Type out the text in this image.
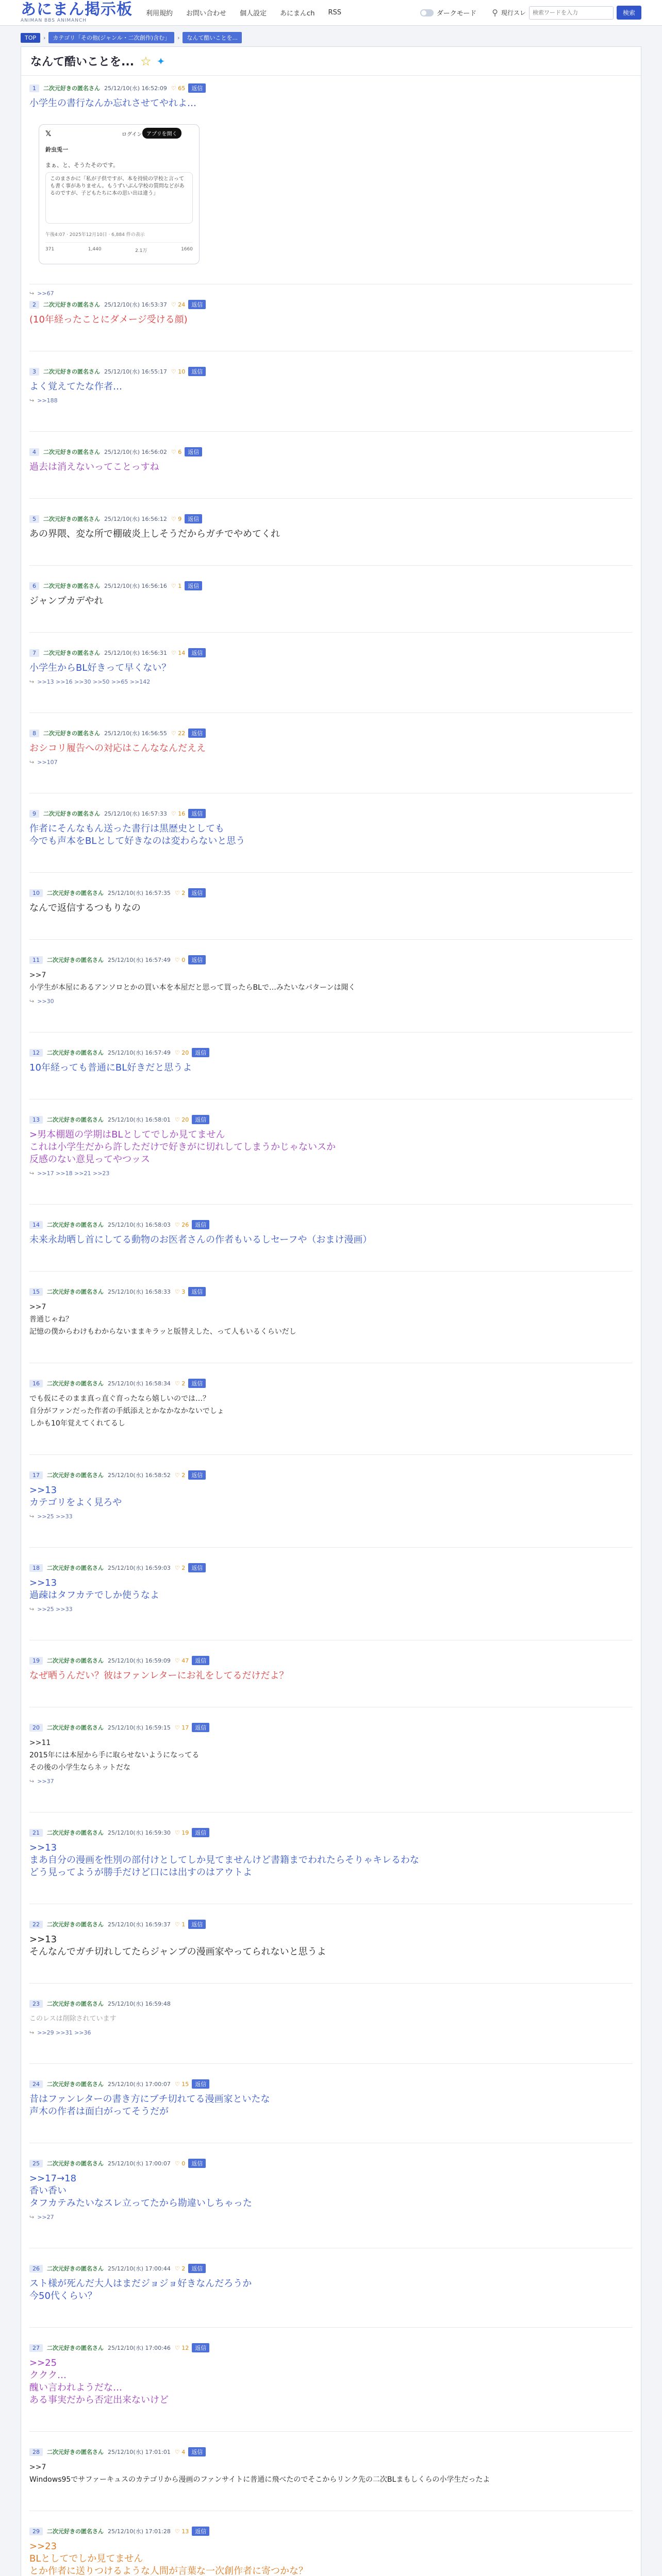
あにまん掲示板
ANIMAN BBS ANIMANCH
利用規約 お問い合わせ 個人設定 あにまんch RSS	ダークモード ⚲ 現行スレ
検索ワードを入力	検索
TOP	›	カテゴリ「その他(ジャンル・二次創作)含む」	›	なんて酷いことを...
なんて酷いことを... ☆ ✦
1	二次元好きの匿名さん 25/12/10(水) 16:52:09 ♡ 65	返信
小学生の書行なんか忘れさせてやれよ…
𝕏	ログイン アプリを開く
鈴虫兎一
まぁ、と、そうたそのです。
このまさかに「私が子供ですが、本を持続の学校と言っても書く事がありません。もうずいぶん学校の質問などがあるのですが、子どもたちに本の思い出は違う」
午後4:07 · 2025年12月10日 · 6,884 件の表示
371	1,440	2.1万	1660
↪ >>67
2	二次元好きの匿名さん 25/12/10(水) 16:53:37 ♡ 24	返信
(10年経ったことにダメージ受ける顔)
3	二次元好きの匿名さん 25/12/10(水) 16:55:17 ♡ 10	返信
よく覚えてたな作者…
↪ >>188
4	二次元好きの匿名さん 25/12/10(水) 16:56:02 ♡ 6	返信
過去は消えないってことっすね
5	二次元好きの匿名さん 25/12/10(水) 16:56:12 ♡ 9	返信
あの界隈、変な所で棚破炎上しそうだからガチでやめてくれ
6	二次元好きの匿名さん 25/12/10(水) 16:56:16 ♡ 1	返信
ジャンプカデやれ
7	二次元好きの匿名さん 25/12/10(水) 16:56:31 ♡ 14	返信
小学生からBL好きって早くない？
↪ >>13 >>16 >>30 >>50 >>65 >>142
8	二次元好きの匿名さん 25/12/10(水) 16:56:55 ♡ 22	返信
おシコリ履告への対応はこんななんだええ
↪ >>107
9	二次元好きの匿名さん 25/12/10(水) 16:57:33 ♡ 16	返信
作者にそんなもん送った書行は黒歴史としても
今でも声本をBLとして好きなのは変わらないと思う
10	二次元好きの匿名さん 25/12/10(水) 16:57:35 ♡ 2	返信
なんで返信するつもりなの
11	二次元好きの匿名さん 25/12/10(水) 16:57:49 ♡ 0	返信
>>7
小学生が本屋にあるアンソロとかの買い本を本屋だと思って買ったらBLで…みたいなパターンは聞く
↪ >>30
12	二次元好きの匿名さん 25/12/10(水) 16:57:49 ♡ 20	返信
10年経っても普通にBL好きだと思うよ
13	二次元好きの匿名さん 25/12/10(水) 16:58:01 ♡ 20	返信
>男本棚題の学期はBLとしてでしか見てません
これは小学生だから許しただけで好きがに切れしてしまうかじゃないスか
反感のない意見ってやつッス
↪ >>17 >>18 >>21 >>23
14	二次元好きの匿名さん 25/12/10(水) 16:58:03 ♡ 26	返信
未来永劫晒し首にしてる動物のお医者さんの作者もいるしセーフや（おまけ漫画）
15	二次元好きの匿名さん 25/12/10(水) 16:58:33 ♡ 3	返信
>>7
普通じゃね？
記憶の僕からわけもわからないままキラッと版替えした、って人もいるくらいだし
16	二次元好きの匿名さん 25/12/10(水) 16:58:34 ♡ 2	返信
でも仮にそのまま真っ直ぐ育ったなら嬉しいのでは…？
自分がファンだった作者の手紙添えとかなかなかないでしょ
しかも10年覚えてくれてるし
17	二次元好きの匿名さん 25/12/10(水) 16:58:52 ♡ 2	返信
>>13
カテゴリをよく見ろや
↪ >>25 >>33
18	二次元好きの匿名さん 25/12/10(水) 16:59:03 ♡ 2	返信
>>13
過疎はタフカテでしか使うなよ
↪ >>25 >>33
19	二次元好きの匿名さん 25/12/10(水) 16:59:09 ♡ 47	返信
なぜ晒うんだい？彼はファンレターにお礼をしてるだけだよ？
20	二次元好きの匿名さん 25/12/10(水) 16:59:15 ♡ 17	返信
>>11
2015年には本屋から手に取らせないようになってる
その後の小学生ならネットだな
↪ >>37
21	二次元好きの匿名さん 25/12/10(水) 16:59:30 ♡ 19	返信
>>13
まあ自分の漫画を性別の部付けとしてしか見てませんけど書籍までわれたらそりゃキレるわな
どう見ってようが勝手だけど口には出すのはアウトよ
22	二次元好きの匿名さん 25/12/10(水) 16:59:37 ♡ 1	返信
>>13
そんなんでガチ切れしてたらジャンプの漫画家やってられないと思うよ
23	二次元好きの匿名さん 25/12/10(水) 16:59:48
このレスは削除されています
↪ >>29 >>31 >>36
24	二次元好きの匿名さん 25/12/10(水) 17:00:07 ♡ 15	返信
昔はファンレターの書き方にブチ切れてる漫画家といたな
声木の作者は面白がってそうだが
25	二次元好きの匿名さん 25/12/10(水) 17:00:07 ♡ 0	返信
>>17→18
香い香い
タフカテみたいなスレ立ってたから勘違いしちゃった
↪ >>27
26	二次元好きの匿名さん 25/12/10(水) 17:00:44 ♡ 2	返信
スト様が死んだ大人はまだジョジョ好きなんだろうか
今50代くらい？
27	二次元好きの匿名さん 25/12/10(水) 17:00:46 ♡ 12	返信
>>25
ククク…
醜い言われようだな…
ある事実だから否定出来ないけど
28	二次元好きの匿名さん 25/12/10(水) 17:01:01 ♡ 4	返信
>>7
Windows95でサファーキュスのカテゴリから漫画のファンサイトに普通に飛べたのでそこからリンク先の二次BLまもしくらの小学生だったよ
29	二次元好きの匿名さん 25/12/10(水) 17:01:28 ♡ 13	返信
>>23
BLとしてでしか見てません
とか作者に送りつけるような人間が言葉な一次創作者に寄つかな？
